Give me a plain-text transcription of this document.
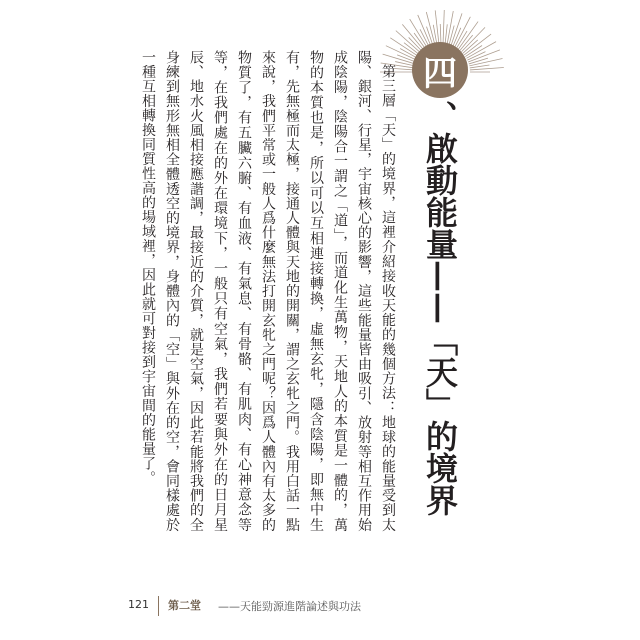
四
、啟動能量——「天」的境界

第三層「天」的境界，這裡介紹接收天能的幾個方法：地球的能量受到太陽、銀河、行星，宇宙核心的影響，這些能量皆由吸引、放射等相互作用始成陰陽，陰陽合一謂之「道」，而道化生萬物，天地人的本質是一體的，萬物的本質也是，所以可以互相連接轉換，虛無玄牝，隱含陰陽，即無中生有，先無極而太極，接通人體與天地的開關，謂之玄牝之門。我用白話一點來說，我們平常或一般人爲什麼無法打開玄牝之門呢？因爲人體內有太多的物質了，有五臟六腑、有血液、有氣息、有骨骼、有肌肉、有心神意念等等，在我們處在的外在環境下，一般只有空氣，我們若要與外在的日月星辰、地水火風相接應諧調，最接近的介質，就是空氣，因此若能將我們的全身練到無形無相全體透空的境界，身體內的「空」與外在的空，會同樣處於一種互相轉換同質性高的場域裡，因此就可對接到宇宙間的能量了。

121 第二堂 ——天能勁源進階論述與功法
